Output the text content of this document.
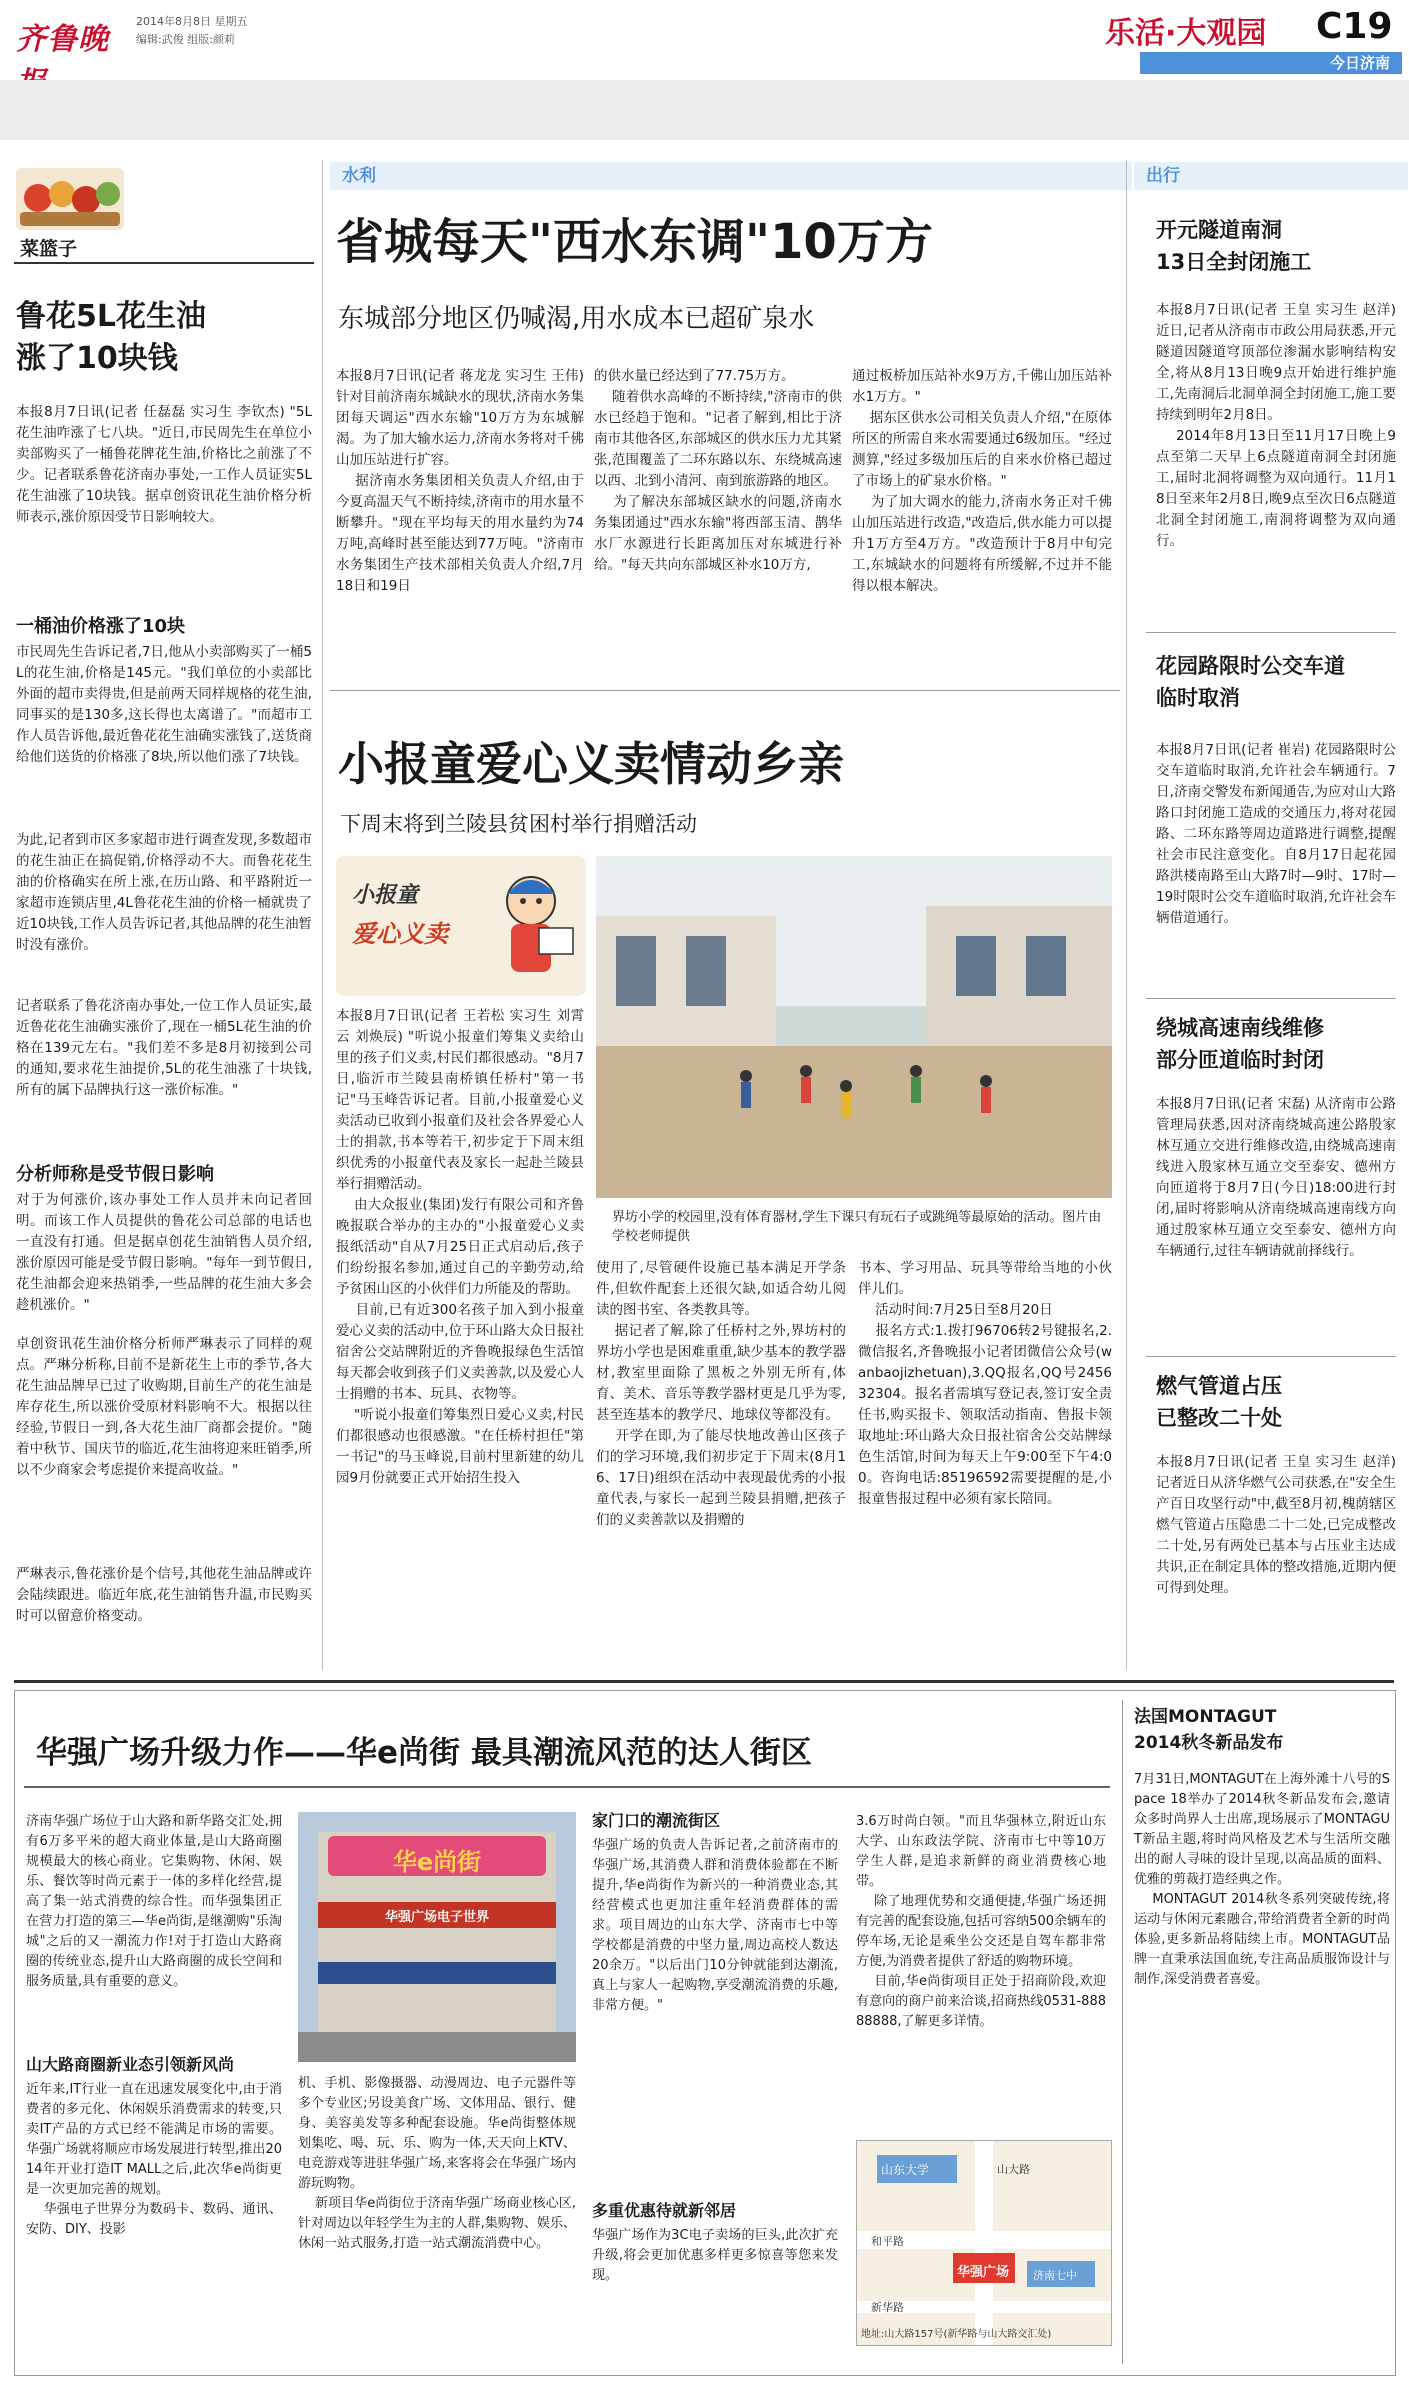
齐鲁晚
2014年8月8日 星期五
编辑:武俊 组版:颜莉	乐活·大观园 C19
今日济南
菜篮子
鲁花5L花生油
涨了10块钱
本报8月7日讯(记者 任磊磊 实习生 李钦杰) "5L花生油咋涨了七八块。"近日,市民周先生在单位小卖部购买了一桶鲁花牌花生油,价格比之前涨了不少。记者联系鲁花济南办事处,一工作人员证实5L花生油涨了10块钱。据卓创资讯花生油价格分析师表示,涨价原因受节日影响较大。
一桶油价格涨了10块
市民周先生告诉记者,7日,他从小卖部购买了一桶5L的花生油,价格是145元。"我们单位的小卖部比外面的超市卖得贵,但是前两天同样规格的花生油,同事买的是130多,这长得也太离谱了。"而超市工作人员告诉他,最近鲁花花生油确实涨钱了,送货商给他们送货的价格涨了8块,所以他们涨了7块钱。
为此,记者到市区多家超市进行调查发现,多数超市的花生油正在搞促销,价格浮动不大。而鲁花花生油的价格确实在所上涨,在历山路、和平路附近一家超市连锁店里,4L鲁花花生油的价格一桶就贵了近10块钱,工作人员告诉记者,其他品牌的花生油暂时没有涨价。
记者联系了鲁花济南办事处,一位工作人员证实,最近鲁花花生油确实涨价了,现在一桶5L花生油的价格在139元左右。"我们差不多是8月初接到公司的通知,要求花生油提价,5L的花生油涨了十块钱,所有的属下品牌执行这一涨价标准。"
分析师称是受节假日影响
对于为何涨价,该办事处工作人员并未向记者回明。而该工作人员提供的鲁花公司总部的电话也一直没有打通。但是据卓创花生油销售人员介绍,涨价原因可能是受节假日影响。"每年一到节假日,花生油都会迎来热销季,一些品牌的花生油大多会趁机涨价。"
卓创资讯花生油价格分析师严琳表示了同样的观点。严琳分析称,目前不是新花生上市的季节,各大花生油品牌早已过了收购期,目前生产的花生油是库存花生,所以涨价受原材料影响不大。根据以往经验,节假日一到,各大花生油厂商都会提价。"随着中秋节、国庆节的临近,花生油将迎来旺销季,所以不少商家会考虑提价来提高收益。"
严琳表示,鲁花涨价是个信号,其他花生油品牌或许会陆续跟进。临近年底,花生油销售升温,市民购买时可以留意价格变动。
水利
省城每天"西水东调"10万方
东城部分地区仍喊渴,用水成本已超矿泉水
本报8月7日讯(记者 蒋龙龙 实习生 王伟) 针对目前济南东城缺水的现状,济南水务集团每天调运"西水东输"10万方为东城解渴。为了加大输水运力,济南水务将对千佛山加压站进行扩容。
据济南水务集团相关负责人介绍,由于今夏高温天气不断持续,济南市的用水量不断攀升。"现在平均每天的用水量约为74万吨,高峰时甚至能达到77万吨。"济南市水务集团生产技术部相关负责人介绍,7月18日和19日
的供水量已经达到了77.75万方。
随着供水高峰的不断持续,"济南市的供水已经趋于饱和。"记者了解到,相比于济南市其他各区,东部城区的供水压力尤其紧张,范围覆盖了二环东路以东、东绕城高速以西、北到小清河、南到旅游路的地区。
为了解决东部城区缺水的问题,济南水务集团通过"西水东输"将西部玉清、鹊华水厂水源进行长距离加压对东城进行补给。"每天共向东部城区补水10万方,
通过板桥加压站补水9万方,千佛山加压站补水1万方。"
据东区供水公司相关负责人介绍,"在原体所区的所需自来水需要通过6级加压。"经过测算,"经过多级加压后的自来水价格已超过了市场上的矿泉水价格。"
为了加大调水的能力,济南水务正对千佛山加压站进行改造,"改造后,供水能力可以提升1万方至4万方。"改造预计于8月中旬完工,东城缺水的问题将有所缓解,不过并不能得以根本解决。
小报童爱心义卖情动乡亲
下周末将到兰陵县贫困村举行捐赠活动
小报童
爱心义卖
本报8月7日讯(记者 王若松 实习生 刘霄云 刘焕辰) "听说小报童们筹集义卖给山里的孩子们义卖,村民们都很感动。"8月7日,临沂市兰陵县南桥镇任桥村"第一书记"马玉峰告诉记者。目前,小报童爱心义卖活动已收到小报童们及社会各界爱心人士的捐款,书本等若干,初步定于下周末组织优秀的小报童代表及家长一起赴兰陵县举行捐赠活动。
由大众报业(集团)发行有限公司和齐鲁晚报联合举办的主办的"小报童爱心义卖报纸活动"自从7月25日正式启动后,孩子们纷纷报名参加,通过自己的辛勤劳动,给予贫困山区的小伙伴们力所能及的帮助。
目前,已有近300名孩子加入到小报童爱心义卖的活动中,位于环山路大众日报社宿舍公交站牌附近的齐鲁晚报绿色生活馆每天都会收到孩子们义卖善款,以及爱心人士捐赠的书本、玩具、衣物等。
"听说小报童们筹集烈日爱心义卖,村民们都很感动也很感激。"在任桥村担任"第一书记"的马玉峰说,目前村里新建的幼儿园9月份就要正式开始招生投入
界坊小学的校园里,没有体育器材,学生下课只有玩石子或跳绳等最原始的活动。图片由学校老师提供
使用了,尽管硬件设施已基本满足开学条件,但软件配套上还很欠缺,如适合幼儿阅读的图书室、各类教具等。
据记者了解,除了任桥村之外,界坊村的界坊小学也是困难重重,缺少基本的教学器材,教室里面除了黑板之外别无所有,体育、美术、音乐等教学器材更是几乎为零,甚至连基本的教学尺、地球仪等都没有。
开学在即,为了能尽快地改善山区孩子们的学习环境,我们初步定于下周末(8月16、17日)组织在活动中表现最优秀的小报童代表,与家长一起到兰陵县捐赠,把孩子们的义卖善款以及捐赠的
书本、学习用品、玩具等带给当地的小伙伴儿们。
活动时间:7月25日至8月20日
报名方式:1.拨打96706转2号键报名,2.微信报名,齐鲁晚报小记者团微信公众号(wanbaojizhetuan),3.QQ报名,QQ号245632304。报名者需填写登记表,签订安全责任书,购买报卡、领取活动指南、售报卡领取地址:环山路大众日报社宿舍公交站牌绿色生活馆,时间为每天上午9:00至下午4:00。咨询电话:85196592需要提醒的是,小报童售报过程中必须有家长陪同。
出行
开元隧道南洞
13日全封闭施工
本报8月7日讯(记者 王皇 实习生 赵洋) 近日,记者从济南市市政公用局获悉,开元隧道因隧道穹顶部位渗漏水影响结构安全,将从8月13日晚9点开始进行维护施工,先南洞后北洞单洞全封闭施工,施工要持续到明年2月8日。
2014年8月13日至11月17日晚上9点至第二天早上6点隧道南洞全封闭施工,届时北洞将调整为双向通行。11月18日至来年2月8日,晚9点至次日6点隧道北洞全封闭施工,南洞将调整为双向通行。
花园路限时公交车道
临时取消
本报8月7日讯(记者 崔岩) 花园路限时公交车道临时取消,允许社会车辆通行。7日,济南交警发布新闻通告,为应对山大路路口封闭施工造成的交通压力,将对花园路、二环东路等周边道路进行调整,提醒社会市民注意变化。自8月17日起花园路洪楼南路至山大路7时—9时、17时—19时限时公交车道临时取消,允许社会车辆借道通行。
绕城高速南线维修
部分匝道临时封闭
本报8月7日讯(记者 宋磊) 从济南市公路管理局获悉,因对济南绕城高速公路殷家林互通立交进行维修改造,由绕城高速南线进入殷家林互通立交至泰安、德州方向匝道将于8月7日(今日)18:00进行封闭,届时将影响从济南绕城高速南线方向通过殷家林互通立交至泰安、德州方向车辆通行,过往车辆请就前择线行。
燃气管道占压
已整改二十处
本报8月7日讯(记者 王皇 实习生 赵洋) 记者近日从济华燃气公司获悉,在"安全生产百日攻坚行动"中,截至8月初,槐荫辖区燃气管道占压隐患二十二处,已完成整改二十处,另有两处已基本与占压业主达成共识,正在制定具体的整改措施,近期内便可得到处理。
华强广场升级力作——华e尚街 最具潮流风范的达人街区
济南华强广场位于山大路和新华路交汇处,拥有6万多平米的超大商业体量,是山大路商圈规模最大的核心商业。它集购物、休闲、娱乐、餐饮等时尚元素于一体的多样化经营,提高了集一站式消费的综合性。而华强集团正在营力打造的第三—华e尚街,是继潮购"乐淘城"之后的又一潮流力作!对于打造山大路商圈的传统业态,提升山大路商圈的成长空间和服务质量,具有重要的意义。
山大路商圈新业态引领新风尚
近年来,IT行业一直在迅速发展变化中,由于消费者的多元化、休闲娱乐消费需求的转变,只卖IT产品的方式已经不能满足市场的需要。华强广场就将顺应市场发展进行转型,推出2014年开业打造IT MALL之后,此次华e尚街更是一次更加完善的规划。
华强电子世界分为数码卡、数码、通讯、安防、DIY、投影
华e尚街
华强广场电子世界
机、手机、影像摄器、动漫周边、电子元器件等多个专业区;另设美食广场、文体用品、银行、健身、美容美发等多种配套设施。华e尚街整体规划集吃、喝、玩、乐、购为一体,天天向上KTV、电竞游戏等进驻华强广场,来客将会在华强广场内游玩购物。
新项目华e尚街位于济南华强广场商业核心区,针对周边以年轻学生为主的人群,集购物、娱乐、休闲一站式服务,打造一站式潮流消费中心。
家门口的潮流街区
华强广场的负责人告诉记者,之前济南市的华强广场,其消费人群和消费体验都在不断提升,华e尚街作为新兴的一种消费业态,其经营模式也更加注重年轻消费群体的需求。项目周边的山东大学、济南市七中等学校都是消费的中坚力量,周边高校人数达20余万。"以后出门10分钟就能到达潮流,真上与家人一起购物,享受潮流消费的乐趣,非常方便。"
多重优惠待就新邻居
华强广场作为3C电子卖场的巨头,此次扩充升级,将会更加优惠多样更多惊喜等您来发现。
3.6万时尚白领。"而且华强林立,附近山东大学、山东政法学院、济南市七中等10万学生人群,是追求新鲜的商业消费核心地带。
除了地理优势和交通便捷,华强广场还拥有完善的配套设施,包括可容纳500余辆车的停车场,无论是乘坐公交还是自驾车都非常方便,为消费者提供了舒适的购物环境。
目前,华e尚街项目正处于招商阶段,欢迎有意向的商户前来洽谈,招商热线0531-88888888,了解更多详情。
山东大学
华强广场
山大路
和平路
新华路
济南七中
地址:山大路157号(新华路与山大路交汇处)
法国MONTAGUT
2014秋冬新品发布
7月31日,MONTAGUT在上海外滩十八号的Space 18举办了2014秋冬新品发布会,邀请众多时尚界人士出席,现场展示了MONTAGUT新品主题,将时尚风格及艺术与生活所交融出的耐人寻味的设计呈现,以高品质的面料、优雅的剪裁打造经典之作。
MONTAGUT 2014秋冬系列突破传统,将运动与休闲元素融合,带给消费者全新的时尚体验,更多新品将陆续上市。MONTAGUT品牌一直秉承法国血统,专注高品质服饰设计与制作,深受消费者喜爱。
